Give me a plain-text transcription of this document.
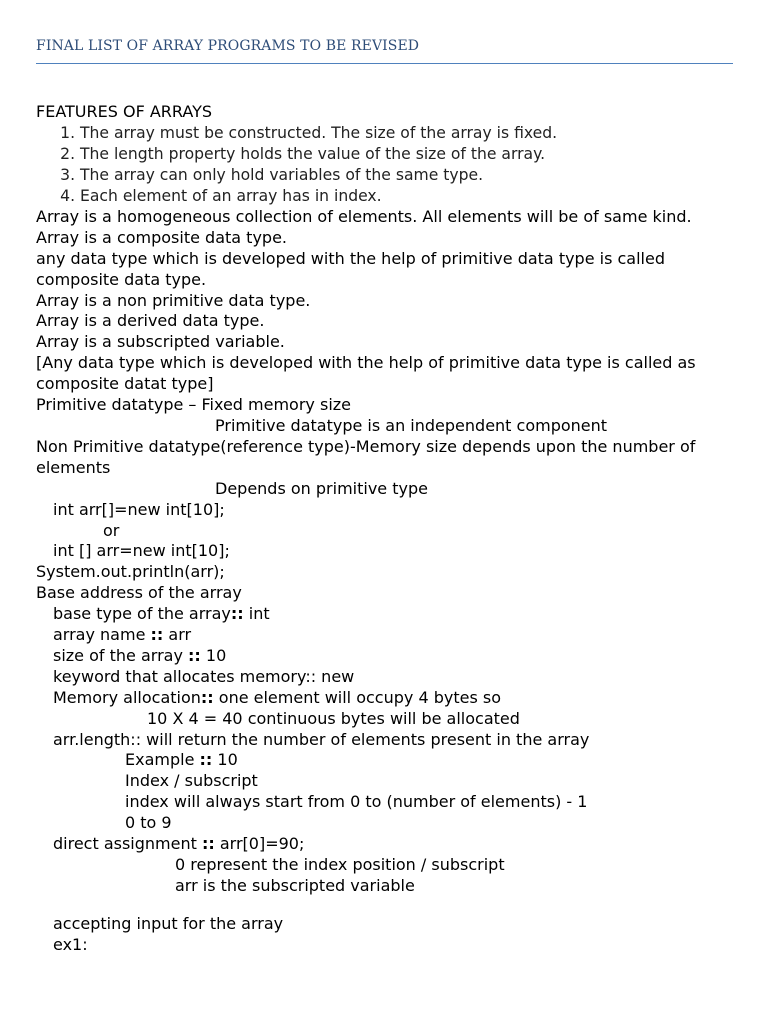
FINAL LIST OF ARRAY PROGRAMS TO BE REVISED
FEATURES OF ARRAYS
1. The array must be constructed. The size of the array is fixed.
2. The length property holds the value of the size of the array.
3. The array can only hold variables of the same type.
4. Each element of an array has in index.
Array is a homogeneous collection of elements. All elements will be of same kind.
Array is a composite data type.
any data type which is developed with the help of primitive data type is called composite data type.
Array is a non primitive data type.
Array is a derived data type.
Array is a subscripted variable.
[Any data type which is developed with the help of primitive data type is called as composite datat type]
Primitive datatype – Fixed memory size
Primitive datatype is an independent component
Non Primitive datatype(reference type)-Memory size depends upon the number of elements
Depends on primitive type
int arr[]=new int[10];
or
int [] arr=new int[10];
System.out.println(arr);
Base address of the array
base type of the array:: int
array name :: arr
size of the array :: 10
keyword that allocates memory:: new
Memory allocation:: one element will occupy 4 bytes so
10 X 4 = 40 continuous bytes will be allocated
arr.length:: will return the number of elements present in the array
Example :: 10
Index / subscript
index will always start from 0 to (number of elements) - 1
0 to 9
direct assignment :: arr[0]=90;
0 represent the index position / subscript
arr is the subscripted variable
accepting input for the array
ex1:
